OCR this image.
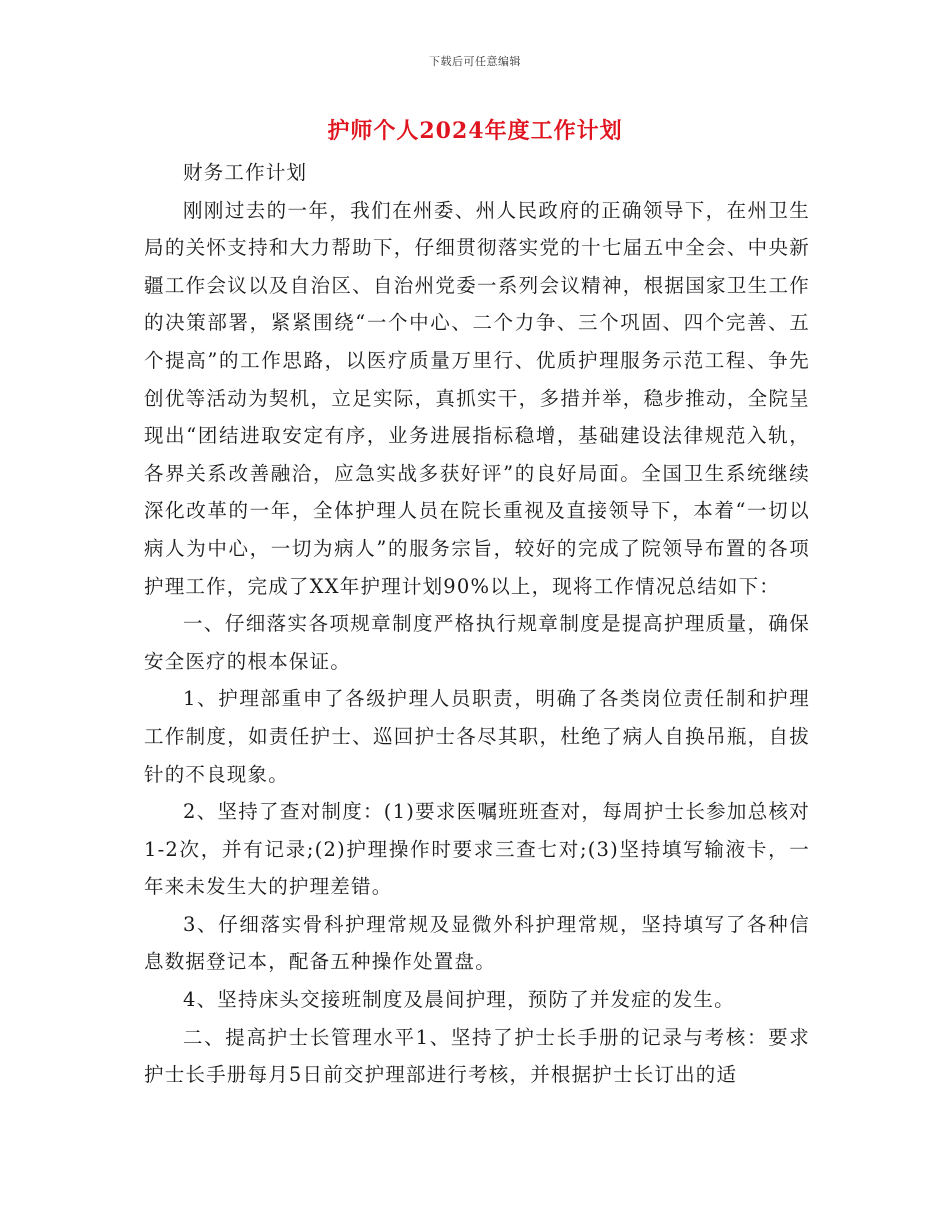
下载后可任意编辑
护师个人2024年度工作计划

财务工作计划

刚刚过去的一年，我们在州委、州人民政府的正确领导下，在州卫生局的关怀支持和大力帮助下，仔细贯彻落实党的十七届五中全会、中央新疆工作会议以及自治区、自治州党委一系列会议精神，根据国家卫生工作的决策部署，紧紧围绕“一个中心、二个力争、三个巩固、四个完善、五个提高”的工作思路，以医疗质量万里行、优质护理服务示范工程、争先创优等活动为契机，立足实际，真抓实干，多措并举，稳步推动，全院呈现出“团结进取安定有序，业务进展指标稳增，基础建设法律规范入轨，各界关系改善融洽，应急实战多获好评”的良好局面。全国卫生系统继续深化改革的一年，全体护理人员在院长重视及直接领导下，本着“一切以病人为中心，一切为病人”的服务宗旨，较好的完成了院领导布置的各项护理工作，完成了XX年护理计划90%以上，现将工作情况总结如下：

一、仔细落实各项规章制度严格执行规章制度是提高护理质量，确保安全医疗的根本保证。

1、护理部重申了各级护理人员职责，明确了各类岗位责任制和护理工作制度，如责任护士、巡回护士各尽其职，杜绝了病人自换吊瓶，自拔针的不良现象。

2、坚持了查对制度：(1)要求医嘱班班查对，每周护士长参加总核对1-2次，并有记录;(2)护理操作时要求三查七对;(3)坚持填写输液卡，一年来未发生大的护理差错。

3、仔细落实骨科护理常规及显微外科护理常规，坚持填写了各种信息数据登记本，配备五种操作处置盘。

4、坚持床头交接班制度及晨间护理，预防了并发症的发生。

二、提高护士长管理水平1、坚持了护士长手册的记录与考核：要求护士长手册每月5日前交护理部进行考核，并根据护士长订出的适
